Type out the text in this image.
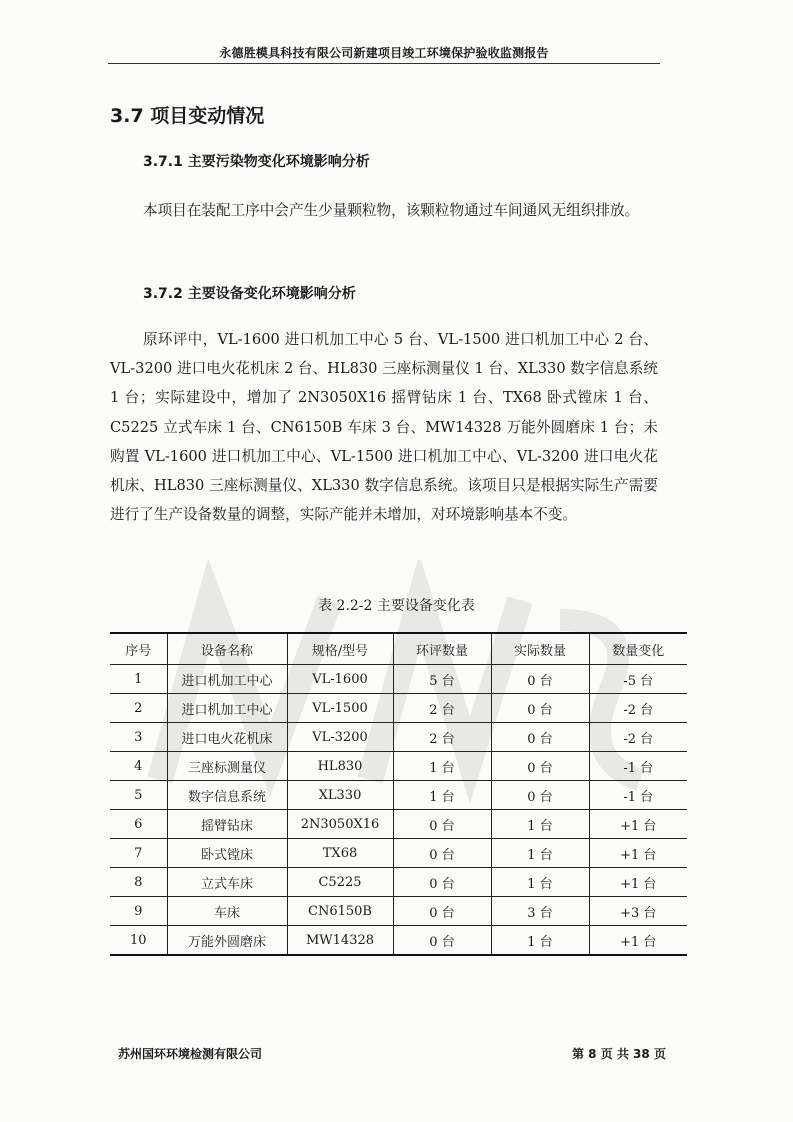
永德胜模具科技有限公司新建项目竣工环境保护验收监测报告
3.7 项目变动情况
3.7.1 主要污染物变化环境影响分析

本项目在装配工序中会产生少量颗粒物，该颗粒物通过车间通风无组织排放。

3.7.2 主要设备变化环境影响分析

原环评中，VL-1600 进口机加工中心 5 台、VL-1500 进口机加工中心 2 台、VL-3200 进口电火花机床 2 台、HL830 三座标测量仪 1 台、XL330 数字信息系统 1 台；实际建设中，增加了 2N3050X16 摇臂钻床 1 台、TX68 卧式镗床 1 台、C5225 立式车床 1 台、CN6150B 车床 3 台、MW14328 万能外圆磨床 1 台；未购置 VL-1600 进口机加工中心、VL-1500 进口机加工中心、VL-3200 进口电火花机床、HL830 三座标测量仪、XL330 数字信息系统。该项目只是根据实际生产需要进行了生产设备数量的调整，实际产能并未增加，对环境影响基本不变。

表 2.2-2 主要设备变化表
序号	设备名称	规格/型号	环评数量	实际数量	数量变化
1	进口机加工中心	VL-1600	5 台	0 台	-5 台
2	进口机加工中心	VL-1500	2 台	0 台	-2 台
3	进口电火花机床	VL-3200	2 台	0 台	-2 台
4	三座标测量仪	HL830	1 台	0 台	-1 台
5	数字信息系统	XL330	1 台	0 台	-1 台
6	摇臂钻床	2N3050X16	0 台	1 台	+1 台
7	卧式镗床	TX68	0 台	1 台	+1 台
8	立式车床	C5225	0 台	1 台	+1 台
9	车床	CN6150B	0 台	3 台	+3 台
10	万能外圆磨床	MW14328	0 台	1 台	+1 台
苏州国环环境检测有限公司	第 8 页 共 38 页
